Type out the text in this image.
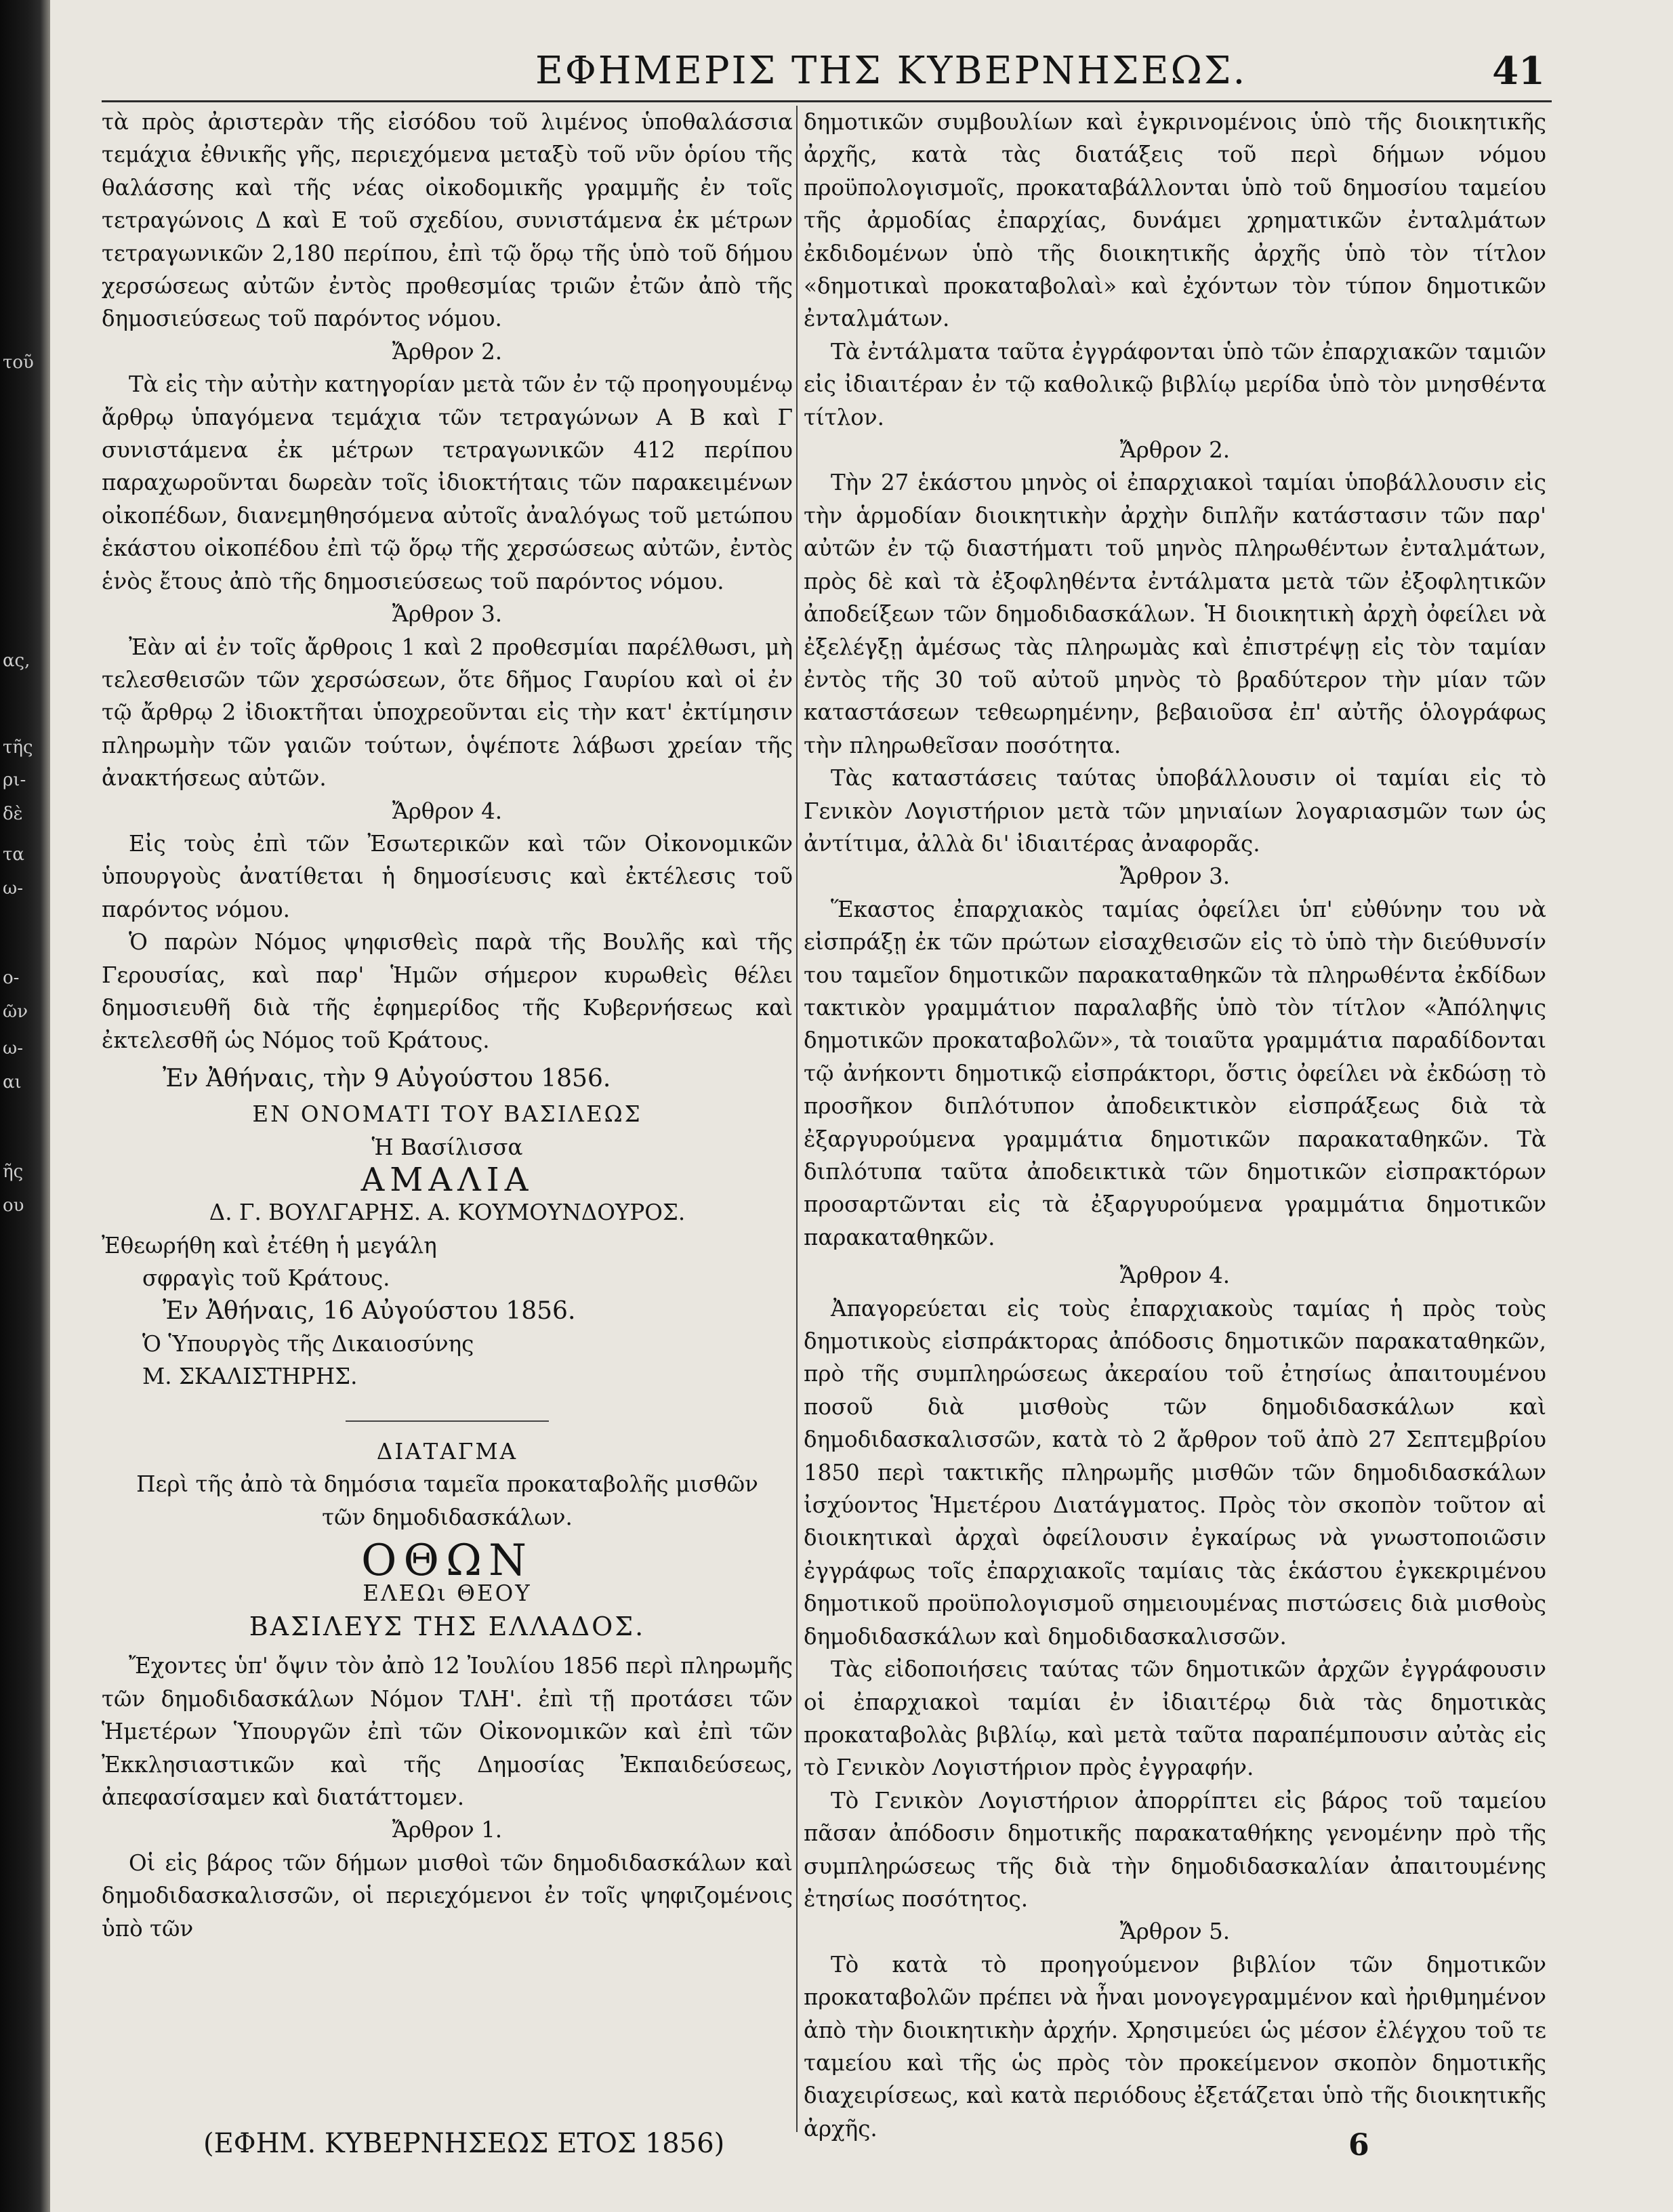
τοῦ
ας,
τῆς
ρι-
δὲ
τα
ω-
ο-
ῶν
ω-
αι
ῆς
ου
ΕΦΗΜΕΡΙΣ ΤΗΣ ΚΥΒΕΡΝΗΣΕΩΣ.	41

τὰ πρὸς ἀριστερὰν τῆς εἰσόδου τοῦ λιμένος ὑποθαλάσσια τεμάχια ἐθνικῆς γῆς, περιεχόμενα μεταξὺ τοῦ νῦν ὁρίου τῆς θαλάσσης καὶ τῆς νέας οἰκοδομικῆς γραμμῆς ἐν τοῖς τετραγώνοις Δ καὶ Ε τοῦ σχεδίου, συνιστάμενα ἐκ μέτρων τετραγωνικῶν 2,180 περίπου, ἐπὶ τῷ ὅρῳ τῆς ὑπὸ τοῦ δήμου χερσώσεως αὐτῶν ἐντὸς προθεσμίας τριῶν ἐτῶν ἀπὸ τῆς δημοσιεύσεως τοῦ παρόντος νόμου.

Ἄρθρον 2.

Τὰ εἰς τὴν αὐτὴν κατηγορίαν μετὰ τῶν ἐν τῷ προηγουμένῳ ἄρθρῳ ὑπαγόμενα τεμάχια τῶν τετραγώνων Α Β καὶ Γ συνιστάμενα ἐκ μέτρων τετραγωνικῶν 412 περίπου παραχωροῦνται δωρεὰν τοῖς ἰδιοκτήταις τῶν παρακειμένων οἰκοπέδων, διανεμηθησόμενα αὐτοῖς ἀναλόγως τοῦ μετώπου ἑκάστου οἰκοπέδου ἐπὶ τῷ ὅρῳ τῆς χερσώσεως αὐτῶν, ἐντὸς ἑνὸς ἔτους ἀπὸ τῆς δημοσιεύσεως τοῦ παρόντος νόμου.

Ἄρθρον 3.

Ἐὰν αἱ ἐν τοῖς ἄρθροις 1 καὶ 2 προθεσμίαι παρέλθωσι, μὴ τελεσθεισῶν τῶν χερσώσεων, ὅτε δῆμος Γαυρίου καὶ οἱ ἐν τῷ ἄρθρῳ 2 ἰδιοκτῆται ὑποχρεοῦνται εἰς τὴν κατ' ἐκτίμησιν πληρωμὴν τῶν γαιῶν τούτων, ὁψέποτε λάβωσι χρείαν τῆς ἀνακτήσεως αὐτῶν.

Ἄρθρον 4.

Εἰς τοὺς ἐπὶ τῶν Ἐσωτερικῶν καὶ τῶν Οἰκονομικῶν ὑπουργοὺς ἀνατίθεται ἡ δημοσίευσις καὶ ἐκτέλεσις τοῦ παρόντος νόμου.

Ὁ παρὼν Νόμος ψηφισθεὶς παρὰ τῆς Βουλῆς καὶ τῆς Γερουσίας, καὶ παρ' Ἡμῶν σήμερον κυρωθεὶς θέλει δημοσιευθῆ διὰ τῆς ἐφημερίδος τῆς Κυβερνήσεως καὶ ἐκτελεσθῆ ὡς Νόμος τοῦ Κράτους.

Ἐν Ἀθήναις, τὴν 9 Αὐγούστου 1856.

ΕΝ ΟΝΟΜΑΤΙ ΤΟΥ ΒΑΣΙΛΕΩΣ

Ἡ Βασίλισσα

ΑΜΑΛΙΑ

Δ. Γ. ΒΟΥΛΓΑΡΗΣ. Α. ΚΟΥΜΟΥΝΔΟΥΡΟΣ.

Ἐθεωρήθη καὶ ἐτέθη ἡ μεγάλη

σφραγὶς τοῦ Κράτους.

Ἐν Ἀθήναις, 16 Αὐγούστου 1856.

Ὁ Ὑπουργὸς τῆς Δικαιοσύνης

Μ. ΣΚΑΛΙΣΤΗΡΗΣ.

ΔΙΑΤΑΓΜΑ

Περὶ τῆς ἀπὸ τὰ δημόσια ταμεῖα προκαταβολῆς μισθῶν

τῶν δημοδιδασκάλων.

ΟΘΩΝ

ΕΛΕΩι ΘΕΟΥ

ΒΑΣΙΛΕΥΣ ΤΗΣ ΕΛΛΑΔΟΣ.

Ἔχοντες ὑπ' ὄψιν τὸν ἀπὸ 12 Ἰουλίου 1856 περὶ πληρωμῆς τῶν δημοδιδασκάλων Νόμον ΤΛΗ'. ἐπὶ τῇ προτάσει τῶν Ἡμετέρων Ὑπουργῶν ἐπὶ τῶν Οἰκονομικῶν καὶ ἐπὶ τῶν Ἐκκλησιαστικῶν καὶ τῆς Δημοσίας Ἐκπαιδεύσεως, ἀπεφασίσαμεν καὶ διατάττομεν.

Ἄρθρον 1.

Οἱ εἰς βάρος τῶν δήμων μισθοὶ τῶν δημοδιδασκάλων καὶ δημοδιδασκαλισσῶν, οἱ περιεχόμενοι ἐν τοῖς ψηφιζομένοις ὑπὸ τῶν

δημοτικῶν συμβουλίων καὶ ἐγκρινομένοις ὑπὸ τῆς διοικητικῆς ἀρχῆς, κατὰ τὰς διατάξεις τοῦ περὶ δήμων νόμου προϋπολογισμοῖς, προκαταβάλλονται ὑπὸ τοῦ δημοσίου ταμείου τῆς ἀρμοδίας ἐπαρχίας, δυνάμει χρηματικῶν ἐνταλμάτων ἐκδιδομένων ὑπὸ τῆς διοικητικῆς ἀρχῆς ὑπὸ τὸν τίτλον «δημοτικαὶ προκαταβολαὶ» καὶ ἐχόντων τὸν τύπον δημοτικῶν ἐνταλμάτων.

Τὰ ἐντάλματα ταῦτα ἐγγράφονται ὑπὸ τῶν ἐπαρχιακῶν ταμιῶν εἰς ἰδιαιτέραν ἐν τῷ καθολικῷ βιβλίῳ μερίδα ὑπὸ τὸν μνησθέντα τίτλον.

Ἄρθρον 2.

Τὴν 27 ἑκάστου μηνὸς οἱ ἐπαρχιακοὶ ταμίαι ὑποβάλλουσιν εἰς τὴν ἁρμοδίαν διοικητικὴν ἀρχὴν διπλῆν κατάστασιν τῶν παρ' αὐτῶν ἐν τῷ διαστήματι τοῦ μηνὸς πληρωθέντων ἐνταλμάτων, πρὸς δὲ καὶ τὰ ἐξοφληθέντα ἐντάλματα μετὰ τῶν ἐξοφλητικῶν ἀποδείξεων τῶν δημοδιδασκάλων. Ἡ διοικητικὴ ἀρχὴ ὀφείλει νὰ ἐξελέγξῃ ἀμέσως τὰς πληρωμὰς καὶ ἐπιστρέψῃ εἰς τὸν ταμίαν ἐντὸς τῆς 30 τοῦ αὐτοῦ μηνὸς τὸ βραδύτερον τὴν μίαν τῶν καταστάσεων τεθεωρημένην, βεβαιοῦσα ἐπ' αὐτῆς ὁλογράφως τὴν πληρωθεῖσαν ποσότητα.

Τὰς καταστάσεις ταύτας ὑποβάλλουσιν οἱ ταμίαι εἰς τὸ Γενικὸν Λογιστήριον μετὰ τῶν μηνιαίων λογαριασμῶν των ὡς ἀντίτιμα, ἀλλὰ δι' ἰδιαιτέρας ἀναφορᾶς.

Ἄρθρον 3.

Ἕκαστος ἐπαρχιακὸς ταμίας ὀφείλει ὑπ' εὐθύνην του νὰ εἰσπράξῃ ἐκ τῶν πρώτων εἰσαχθεισῶν εἰς τὸ ὑπὸ τὴν διεύθυνσίν του ταμεῖον δημοτικῶν παρακαταθηκῶν τὰ πληρωθέντα ἐκδίδων τακτικὸν γραμμάτιον παραλαβῆς ὑπὸ τὸν τίτλον «Ἀπόληψις δημοτικῶν προκαταβολῶν», τὰ τοιαῦτα γραμμάτια παραδίδονται τῷ ἀνήκοντι δημοτικῷ εἰσπράκτορι, ὅστις ὀφείλει νὰ ἐκδώσῃ τὸ προσῆκον διπλότυπον ἀποδεικτικὸν εἰσπράξεως διὰ τὰ ἐξαργυρούμενα γραμμάτια δημοτικῶν παρακαταθηκῶν. Τὰ διπλότυπα ταῦτα ἀποδεικτικὰ τῶν δημοτικῶν εἰσπρακτόρων προσαρτῶνται εἰς τὰ ἐξαργυρούμενα γραμμάτια δημοτικῶν παρακαταθηκῶν.

Ἄρθρον 4.

Ἀπαγορεύεται εἰς τοὺς ἐπαρχιακοὺς ταμίας ἡ πρὸς τοὺς δημοτικοὺς εἰσπράκτορας ἀπόδοσις δημοτικῶν παρακαταθηκῶν, πρὸ τῆς συμπληρώσεως ἀκεραίου τοῦ ἐτησίως ἀπαιτουμένου ποσοῦ διὰ μισθοὺς τῶν δημοδιδασκάλων καὶ δημοδιδασκαλισσῶν, κατὰ τὸ 2 ἄρθρον τοῦ ἀπὸ 27 Σεπτεμβρίου 1850 περὶ τακτικῆς πληρωμῆς μισθῶν τῶν δημοδιδασκάλων ἰσχύοντος Ἡμετέρου Διατάγματος. Πρὸς τὸν σκοπὸν τοῦτον αἱ διοικητικαὶ ἀρχαὶ ὀφείλουσιν ἐγκαίρως νὰ γνωστοποιῶσιν ἐγγράφως τοῖς ἐπαρχιακοῖς ταμίαις τὰς ἑκάστου ἐγκεκριμένου δημοτικοῦ προϋπολογισμοῦ σημειουμένας πιστώσεις διὰ μισθοὺς δημοδιδασκάλων καὶ δημοδιδασκαλισσῶν.

Τὰς εἰδοποιήσεις ταύτας τῶν δημοτικῶν ἀρχῶν ἐγγράφουσιν οἱ ἐπαρχιακοὶ ταμίαι ἐν ἰδιαιτέρῳ διὰ τὰς δημοτικὰς προκαταβολὰς βιβλίῳ, καὶ μετὰ ταῦτα παραπέμπουσιν αὐτὰς εἰς τὸ Γενικὸν Λογιστήριον πρὸς ἐγγραφήν.

Τὸ Γενικὸν Λογιστήριον ἀπορρίπτει εἰς βάρος τοῦ ταμείου πᾶσαν ἀπόδοσιν δημοτικῆς παρακαταθήκης γενομένην πρὸ τῆς συμπληρώσεως τῆς διὰ τὴν δημοδιδασκαλίαν ἀπαιτουμένης ἐτησίως ποσότητος.

Ἄρθρον 5.

Τὸ κατὰ τὸ προηγούμενον βιβλίον τῶν δημοτικῶν προκαταβολῶν πρέπει νὰ ἦναι μονογεγραμμένον καὶ ἠριθμημένον ἀπὸ τὴν διοικητικὴν ἀρχήν. Χρησιμεύει ὡς μέσον ἐλέγχου τοῦ τε ταμείου καὶ τῆς ὡς πρὸς τὸν προκείμενον σκοπὸν δημοτικῆς διαχειρίσεως, καὶ κατὰ περιόδους ἐξετάζεται ὑπὸ τῆς διοικητικῆς ἀρχῆς.

(ΕΦΗΜ. ΚΥΒΕΡΝΗΣΕΩΣ ΕΤΟΣ 1856)	6
